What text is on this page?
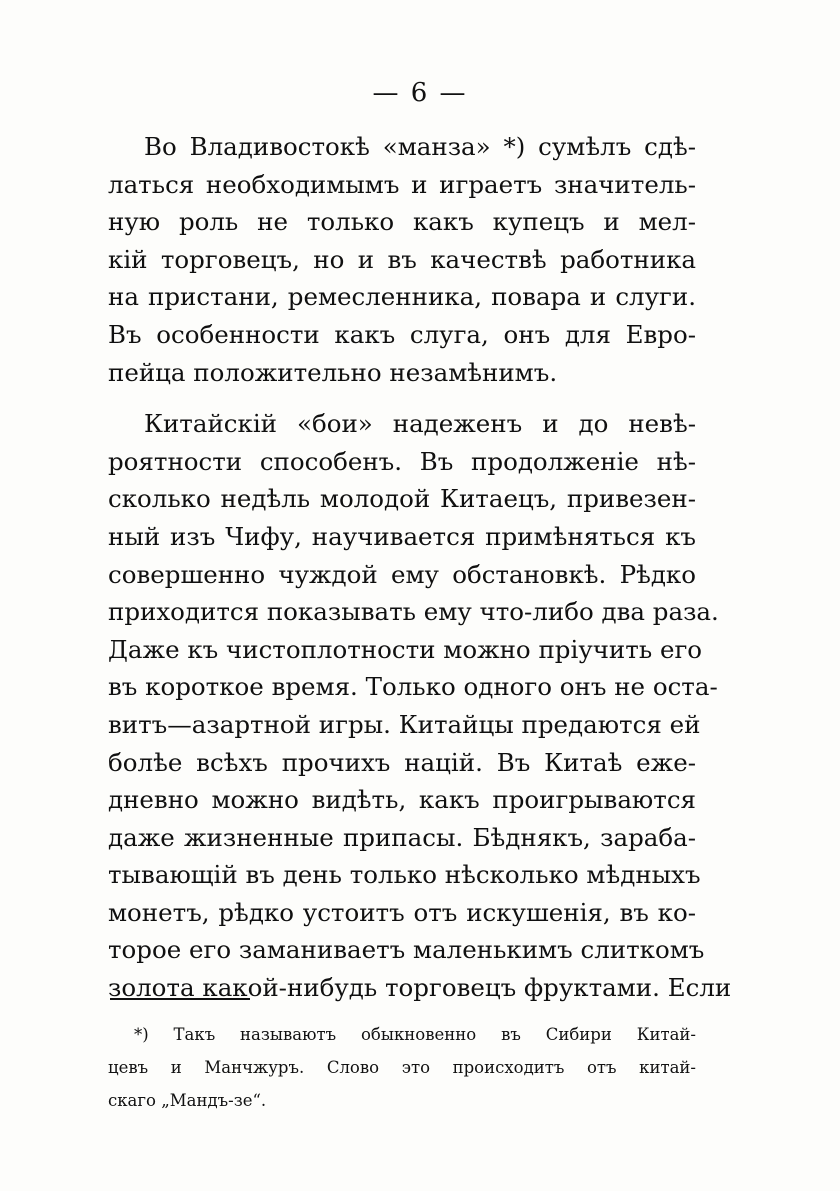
— 6 —

Во Владивостокѣ «манза» *) сумѣлъ сдѣ-
латься необходимымъ и играетъ значитель-
ную роль не только какъ купецъ и мел-
кій торговецъ, но и въ качествѣ работника
на пристани, ремесленника, повара и слуги.
Въ особенности какъ слуга, онъ для Евро-
пейца положительно незамѣнимъ.

Китайскій «бои» надеженъ и до невѣ-
роятности способенъ. Въ продолженіе нѣ-
сколько недѣль молодой Китаецъ, привезен-
ный изъ Чифу, научивается примѣняться къ
совершенно чуждой ему обстановкѣ. Рѣдко
приходится показывать ему что-либо два раза.
Даже къ чистоплотности можно пріучить его
въ короткое время. Только одного онъ не оста-
витъ—азартной игры. Китайцы предаются ей
болѣе всѣхъ прочихъ націй. Въ Китаѣ еже-
дневно можно видѣть, какъ проигрываются
даже жизненные припасы. Бѣднякъ, зараба-
тывающій въ день только нѣсколько мѣдныхъ
монетъ, рѣдко устоитъ отъ искушенія, въ ко-
торое его заманиваетъ маленькимъ слиткомъ
золота какой-нибудь торговецъ фруктами. Если

*) Такъ называютъ обыкновенно въ Сибири Китай-
цевъ и Манчжуръ. Слово это происходитъ отъ китай-
скаго „Мандъ-зе“.
